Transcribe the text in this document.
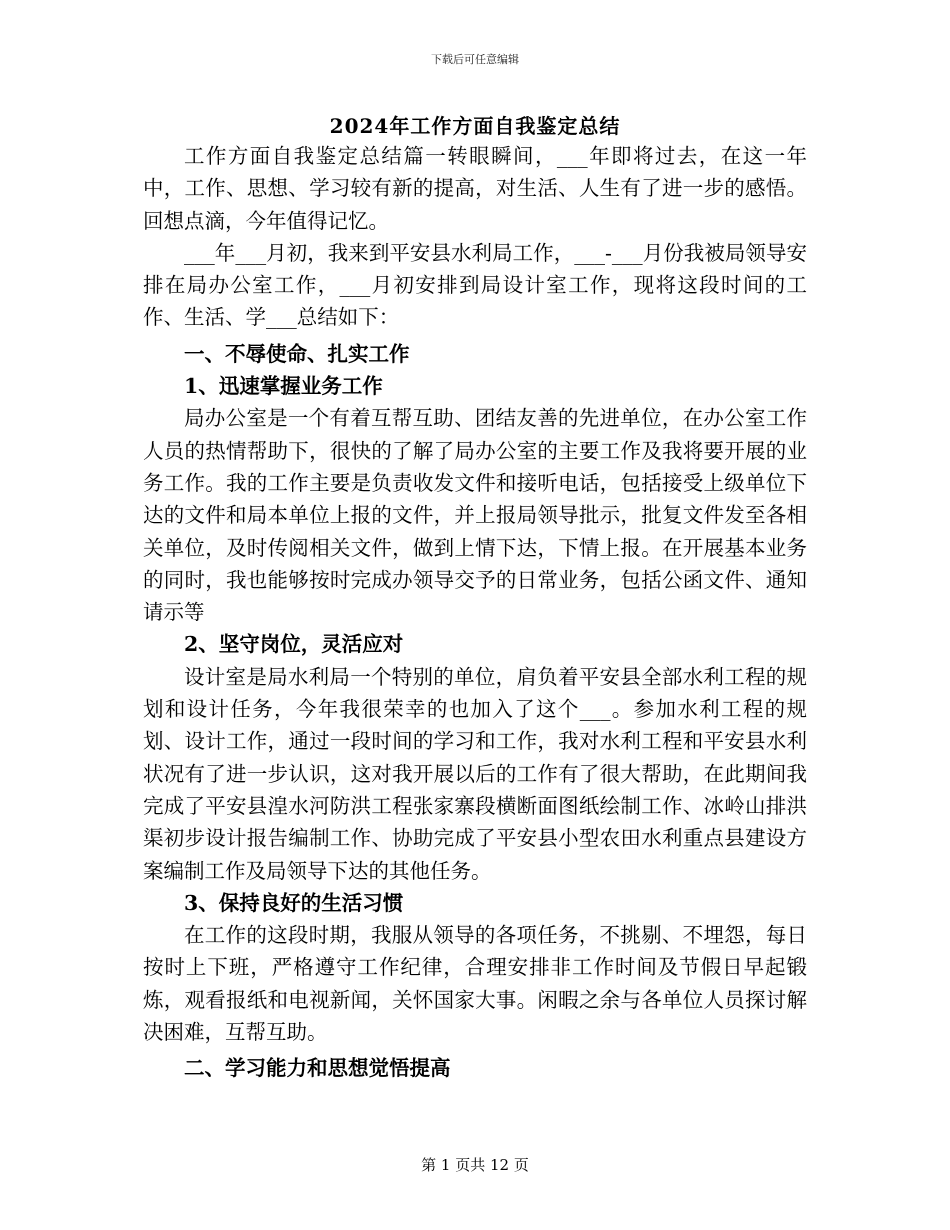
下载后可任意编辑
2024年工作方面自我鉴定总结

工作方面自我鉴定总结篇一转眼瞬间，___年即将过去，在这一年中，工作、思想、学习较有新的提高，对生活、人生有了进一步的感悟。回想点滴，今年值得记忆。

___年___月初，我来到平安县水利局工作，___-___月份我被局领导安排在局办公室工作，___月初安排到局设计室工作，现将这段时间的工作、生活、学___总结如下：

一、不辱使命、扎实工作

1、迅速掌握业务工作

局办公室是一个有着互帮互助、团结友善的先进单位，在办公室工作人员的热情帮助下，很快的了解了局办公室的主要工作及我将要开展的业务工作。我的工作主要是负责收发文件和接听电话，包括接受上级单位下达的文件和局本单位上报的文件，并上报局领导批示，批复文件发至各相关单位，及时传阅相关文件，做到上情下达，下情上报。在开展基本业务的同时，我也能够按时完成办领导交予的日常业务，包括公函文件、通知请示等

2、坚守岗位，灵活应对

设计室是局水利局一个特别的单位，肩负着平安县全部水利工程的规划和设计任务，今年我很荣幸的也加入了这个___。参加水利工程的规划、设计工作，通过一段时间的学习和工作，我对水利工程和平安县水利状况有了进一步认识，这对我开展以后的工作有了很大帮助，在此期间我完成了平安县湟水河防洪工程张家寨段横断面图纸绘制工作、冰岭山排洪渠初步设计报告编制工作、协助完成了平安县小型农田水利重点县建设方案编制工作及局领导下达的其他任务。

3、保持良好的生活习惯

在工作的这段时期，我服从领导的各项任务，不挑剔、不埋怨，每日按时上下班，严格遵守工作纪律，合理安排非工作时间及节假日早起锻炼，观看报纸和电视新闻，关怀国家大事。闲暇之余与各单位人员探讨解决困难，互帮互助。

二、学习能力和思想觉悟提高

第 1 页共 12 页
